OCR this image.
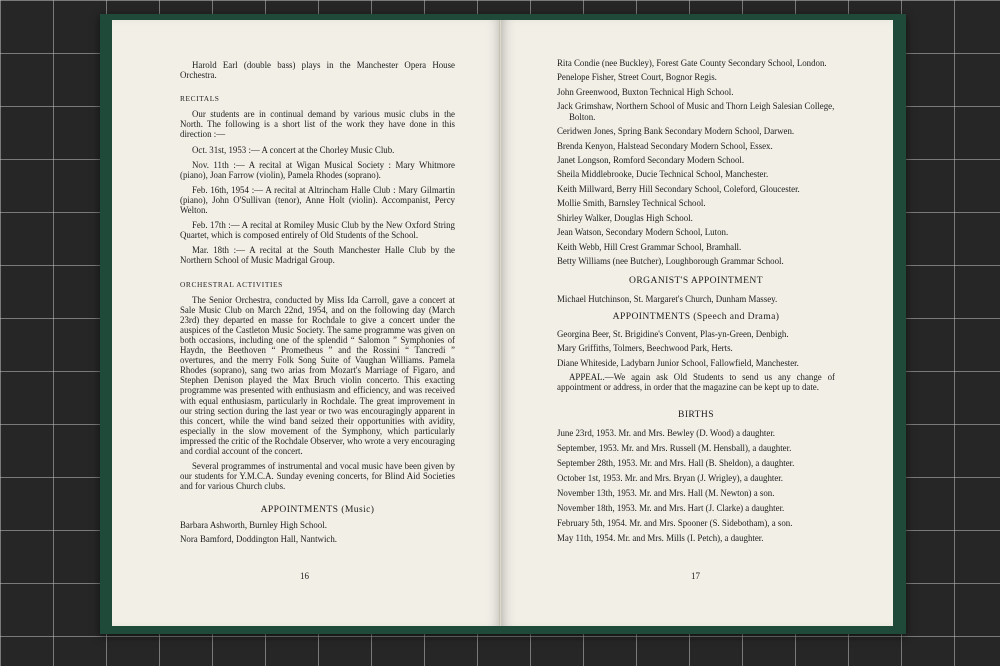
Harold Earl (double bass) plays in the Manchester Opera House Orchestra.

RECITALS

Our students are in continual demand by various music clubs in the North. The following is a short list of the work they have done in this direction :—

Oct. 31st, 1953 :— A concert at the Chorley Music Club.

Nov. 11th :— A recital at Wigan Musical Society : Mary Whitmore (piano), Joan Farrow (violin), Pamela Rhodes (soprano).

Feb. 16th, 1954 :— A recital at Altrincham Halle Club : Mary Gilmartin (piano), John O'Sullivan (tenor), Anne Holt (violin). Accompanist, Percy Welton.

Feb. 17th :— A recital at Romiley Music Club by the New Oxford String Quartet, which is composed entirely of Old Students of the School.

Mar. 18th :— A recital at the South Manchester Halle Club by the Northern School of Music Madrigal Group.

ORCHESTRAL ACTIVITIES

The Senior Orchestra, conducted by Miss Ida Carroll, gave a concert at Sale Music Club on March 22nd, 1954, and on the following day (March 23rd) they departed en masse for Rochdale to give a concert under the auspices of the Castleton Music Society. The same programme was given on both occasions, including one of the splendid “ Salomon ” Symphonies of Haydn, the Beethoven “ Prometheus ” and the Rossini “ Tancredi ” overtures, and the merry Folk Song Suite of Vaughan Williams. Pamela Rhodes (soprano), sang two arias from Mozart's Marriage of Figaro, and Stephen Denison played the Max Bruch violin concerto. This exacting programme was presented with enthusiasm and efficiency, and was received with equal enthusiasm, particularly in Rochdale. The great improvement in our string section during the last year or two was encouragingly apparent in this concert, while the wind band seized their opportunities with avidity, especially in the slow movement of the Symphony, which particularly impressed the critic of the Rochdale Observer, who wrote a very encouraging and cordial account of the concert.

Several programmes of instrumental and vocal music have been given by our students for Y.M.C.A. Sunday evening concerts, for Blind Aid Societies and for various Church clubs.

APPOINTMENTS (Music)

Barbara Ashworth, Burnley High School.

Nora Bamford, Doddington Hall, Nantwich.

16

Rita Condie (nee Buckley), Forest Gate County Secondary School, London.

Penelope Fisher, Street Court, Bognor Regis.

John Greenwood, Buxton Technical High School.

Jack Grimshaw, Northern School of Music and Thorn Leigh Salesian College, Bolton.

Ceridwen Jones, Spring Bank Secondary Modern School, Darwen.

Brenda Kenyon, Halstead Secondary Modern School, Essex.

Janet Longson, Romford Secondary Modern School.

Sheila Middlebrooke, Ducie Technical School, Manchester.

Keith Millward, Berry Hill Secondary School, Coleford, Gloucester.

Mollie Smith, Barnsley Technical School.

Shirley Walker, Douglas High School.

Jean Watson, Secondary Modern School, Luton.

Keith Webb, Hill Crest Grammar School, Bramhall.

Betty Williams (nee Butcher), Loughborough Grammar School.

ORGANIST'S APPOINTMENT

Michael Hutchinson, St. Margaret's Church, Dunham Massey.

APPOINTMENTS (Speech and Drama)

Georgina Beer, St. Brigidine's Convent, Plas-yn-Green, Denbigh.

Mary Griffiths, Tolmers, Beechwood Park, Herts.

Diane Whiteside, Ladybarn Junior School, Fallowfield, Manchester.

APPEAL.—We again ask Old Students to send us any change of appointment or address, in order that the magazine can be kept up to date.

BIRTHS

June 23rd, 1953. Mr. and Mrs. Bewley (D. Wood) a daughter.

September, 1953. Mr. and Mrs. Russell (M. Hensball), a daughter.

September 28th, 1953. Mr. and Mrs. Hall (B. Sheldon), a daughter.

October 1st, 1953. Mr. and Mrs. Bryan (J. Wrigley), a daughter.

November 13th, 1953. Mr. and Mrs. Hall (M. Newton) a son.

November 18th, 1953. Mr. and Mrs. Hart (J. Clarke) a daughter.

February 5th, 1954. Mr. and Mrs. Spooner (S. Sidebotham), a son.

May 11th, 1954. Mr. and Mrs. Mills (I. Petch), a daughter.

17
